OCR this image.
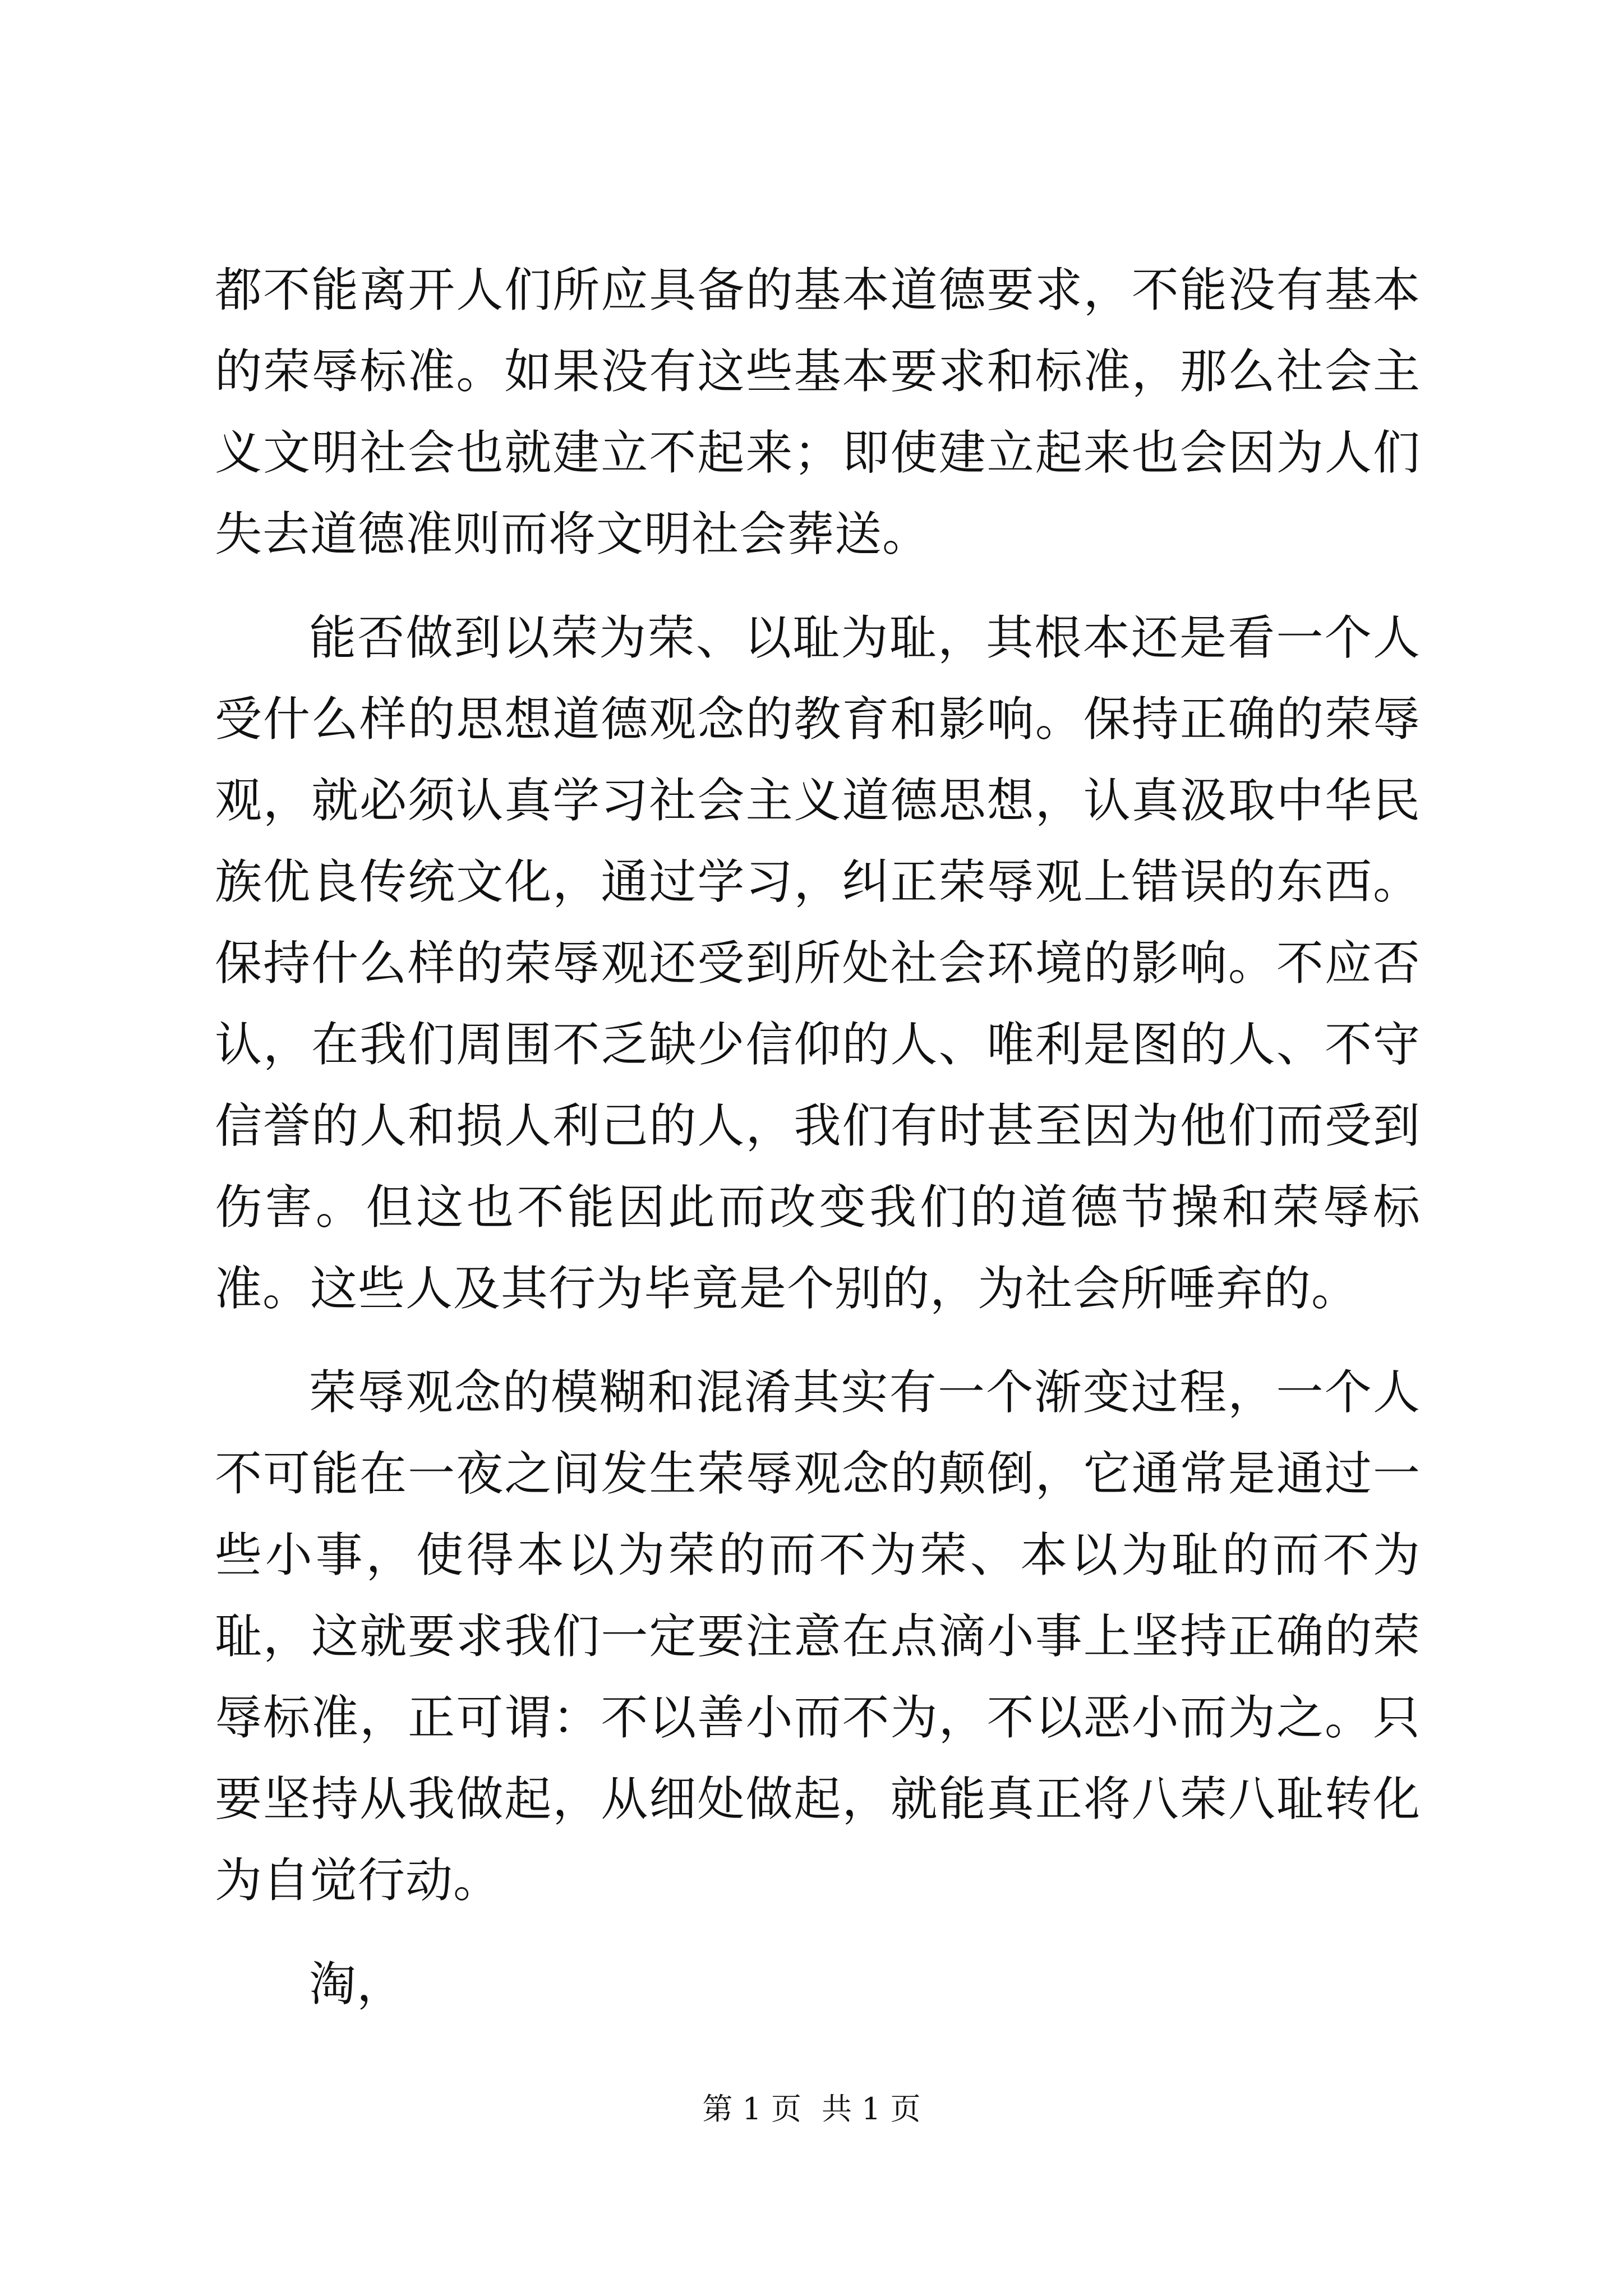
都不能离开人们所应具备的基本道德要求，不能没有基本的荣辱标准。如果没有这些基本要求和标准，那么社会主义文明社会也就建立不起来；即使建立起来也会因为人们失去道德准则而将文明社会葬送。

能否做到以荣为荣、以耻为耻，其根本还是看一个人受什么样的思想道德观念的教育和影响。保持正确的荣辱观，就必须认真学习社会主义道德思想，认真汲取中华民族优良传统文化，通过学习，纠正荣辱观上错误的东西。保持什么样的荣辱观还受到所处社会环境的影响。不应否认，在我们周围不乏缺少信仰的人、唯利是图的人、不守信誉的人和损人利己的人，我们有时甚至因为他们而受到伤害。但这也不能因此而改变我们的道德节操和荣辱标准。这些人及其行为毕竟是个别的，为社会所唾弃的。

荣辱观念的模糊和混淆其实有一个渐变过程，一个人不可能在一夜之间发生荣辱观念的颠倒，它通常是通过一些小事，使得本以为荣的而不为荣、本以为耻的而不为耻，这就要求我们一定要注意在点滴小事上坚持正确的荣辱标准，正可谓：不以善小而不为，不以恶小而为之。只要坚持从我做起，从细处做起，就能真正将八荣八耻转化为自觉行动。

淘，

第 1 页 共 1 页
